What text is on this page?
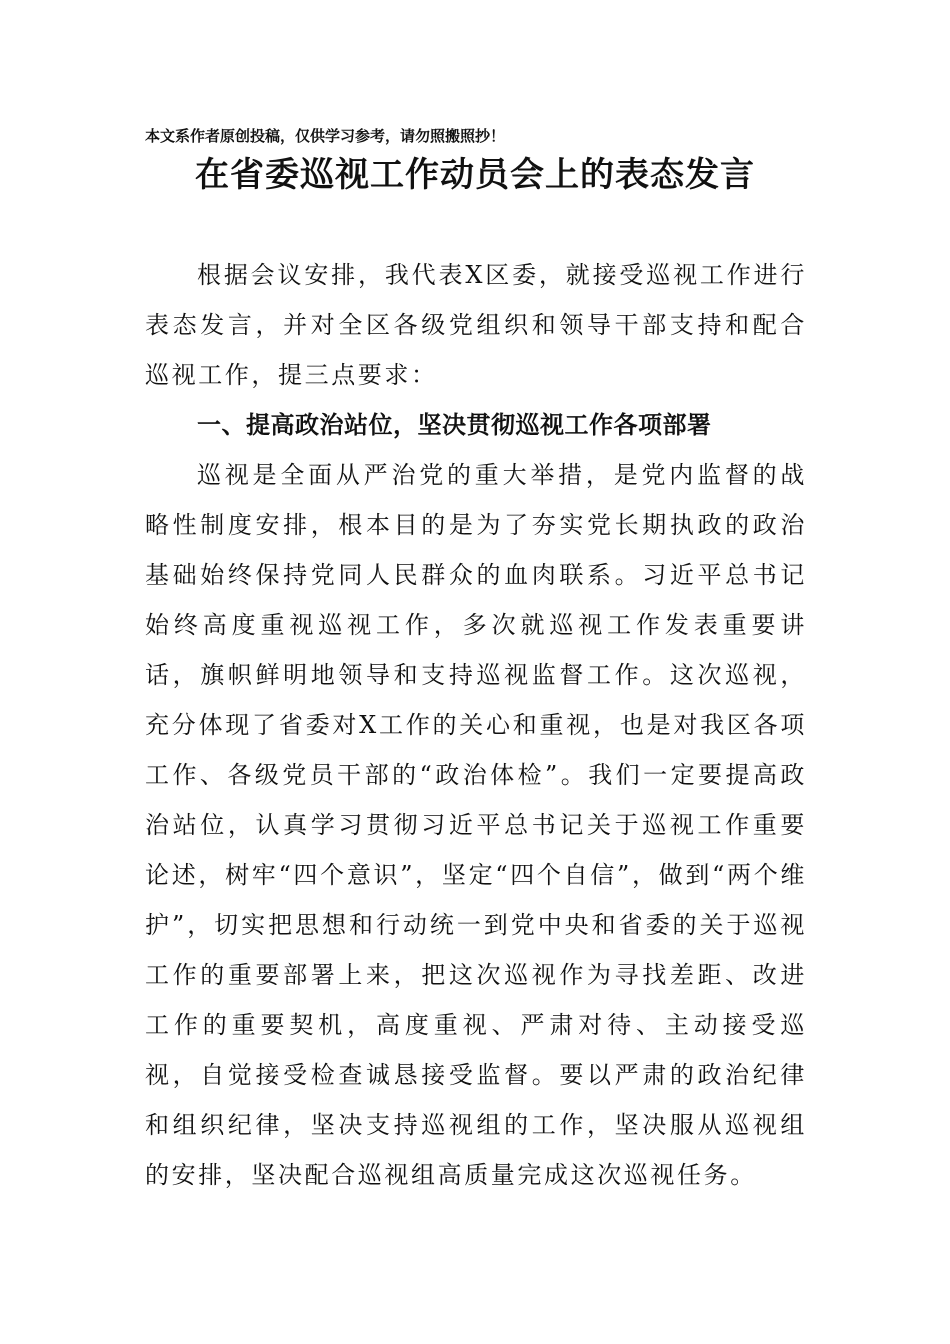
本文系作者原创投稿，仅供学习参考，请勿照搬照抄！
在省委巡视工作动员会上的表态发言

根据会议安排，我代表X区委，就接受巡视工作进行表态发言，并对全区各级党组织和领导干部支持和配合巡视工作，提三点要求：

一、提高政治站位，坚决贯彻巡视工作各项部署

巡视是全面从严治党的重大举措，是党内监督的战略性制度安排，根本目的是为了夯实党长期执政的政治基础始终保持党同人民群众的血肉联系。习近平总书记始终高度重视巡视工作，多次就巡视工作发表重要讲话，旗帜鲜明地领导和支持巡视监督工作。这次巡视，充分体现了省委对X工作的关心和重视，也是对我区各项工作、各级党员干部的“政治体检”。我们一定要提高政治站位，认真学习贯彻习近平总书记关于巡视工作重要论述，树牢“四个意识”，坚定“四个自信”，做到“两个维护”，切实把思想和行动统一到党中央和省委的关于巡视工作的重要部署上来，把这次巡视作为寻找差距、改进工作的重要契机，高度重视、严肃对待、主动接受巡视，自觉接受检查诚恳接受监督。要以严肃的政治纪律和组织纪律，坚决支持巡视组的工作，坚决服从巡视组的安排，坚决配合巡视组高质量完成这次巡视任务。
